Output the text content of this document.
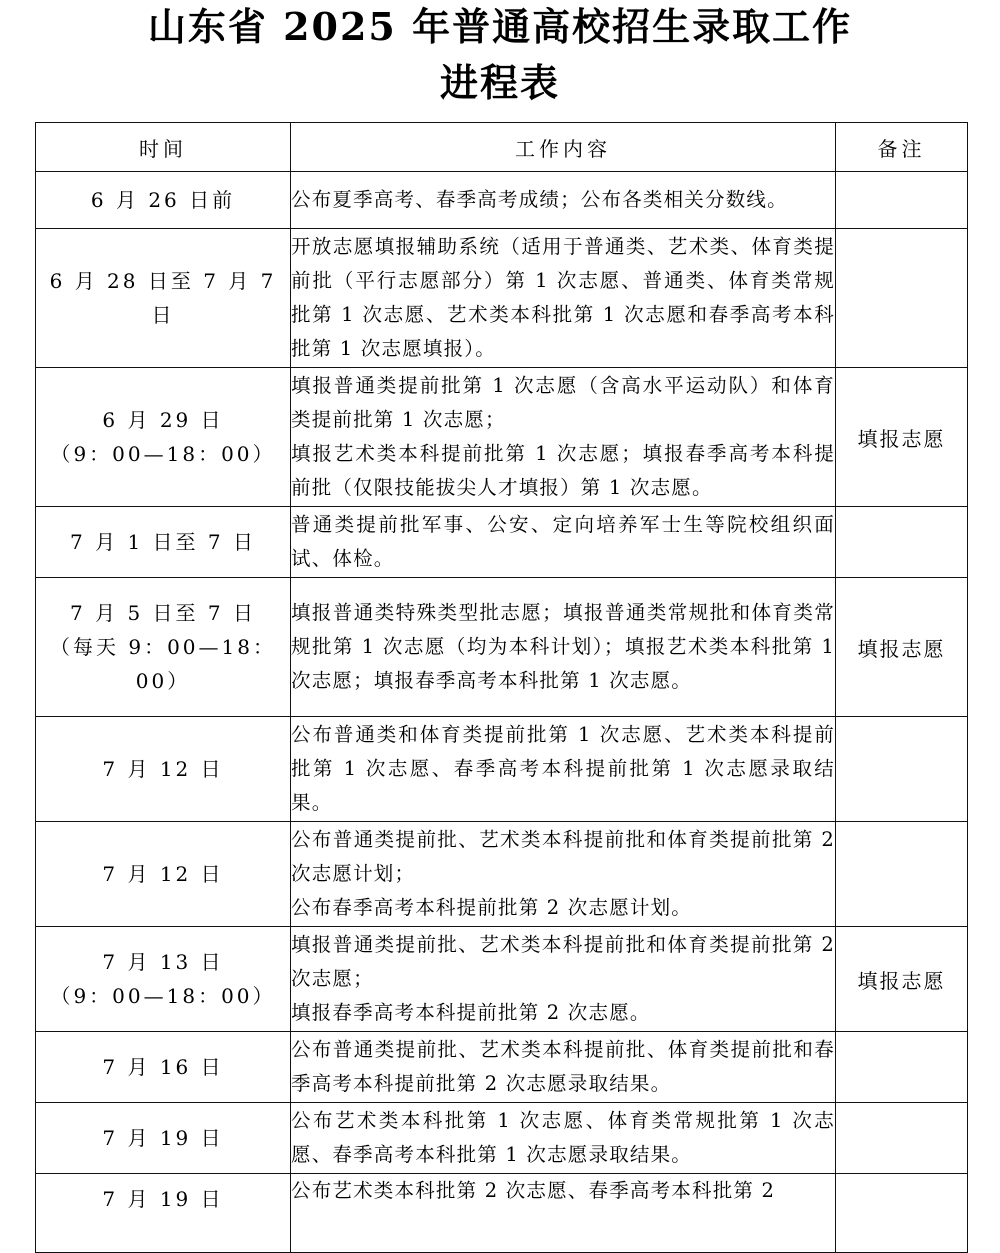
山东省 2025 年普通高校招生录取工作
进程表
时间	工作内容	备注

6 月 26 日前	公布夏季高考、春季高考成绩；公布各类相关分数线。	

6 月 28 日至 7 月 7 日	开放志愿填报辅助系统（适用于普通类、艺术类、体育类提前批（平行志愿部分）第 1 次志愿、普通类、体育类常规批第 1 次志愿、艺术类本科批第 1 次志愿和春季高考本科批第 1 次志愿填报）。	

6 月 29 日
（9：00—18：00）	填报普通类提前批第 1 次志愿（含高水平运动队）和体育类提前批第 1 次志愿；
填报艺术类本科提前批第 1 次志愿；填报春季高考本科提前批（仅限技能拔尖人才填报）第 1 次志愿。	填报志愿

7 月 1 日至 7 日	普通类提前批军事、公安、定向培养军士生等院校组织面试、体检。	

7 月 5 日至 7 日
（每天 9：00—18：00）	填报普通类特殊类型批志愿；填报普通类常规批和体育类常规批第 1 次志愿（均为本科计划）；填报艺术类本科批第 1 次志愿；填报春季高考本科批第 1 次志愿。	填报志愿

7 月 12 日	公布普通类和体育类提前批第 1 次志愿、艺术类本科提前批第 1 次志愿、春季高考本科提前批第 1 次志愿录取结果。	

7 月 12 日	公布普通类提前批、艺术类本科提前批和体育类提前批第 2 次志愿计划；
公布春季高考本科提前批第 2 次志愿计划。	

7 月 13 日
（9：00—18：00）	填报普通类提前批、艺术类本科提前批和体育类提前批第 2 次志愿；
填报春季高考本科提前批第 2 次志愿。	填报志愿

7 月 16 日	公布普通类提前批、艺术类本科提前批、体育类提前批和春季高考本科提前批第 2 次志愿录取结果。	

7 月 19 日	公布艺术类本科批第 1 次志愿、体育类常规批第 1 次志愿、春季高考本科批第 1 次志愿录取结果。	

7 月 19 日	公布艺术类本科批第 2 次志愿、春季高考本科批第 2	
